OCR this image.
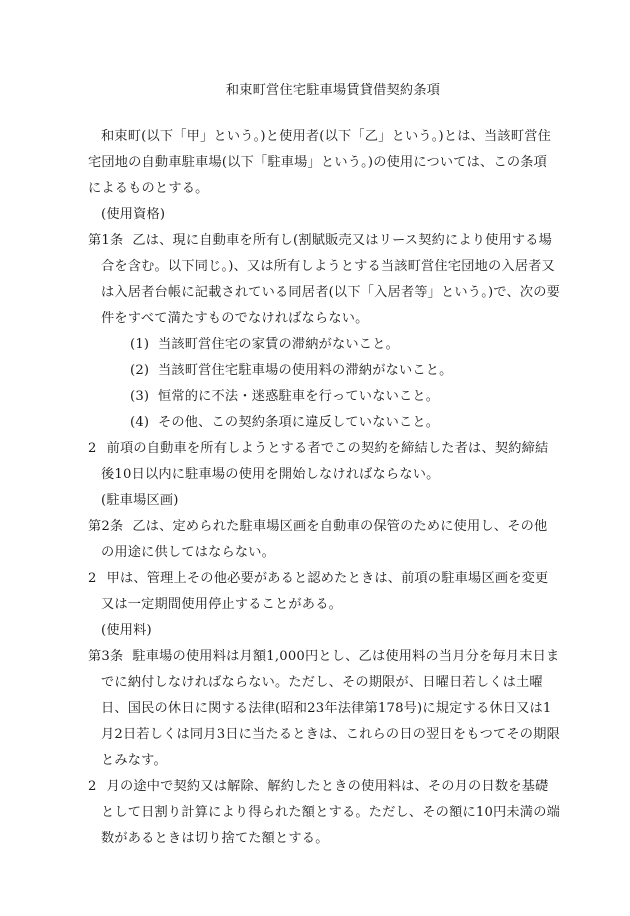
和束町営住宅駐車場賃貸借契約条項

和束町(以下「甲」という。)と使用者(以下「乙」という。)とは、当該町営住宅団地の自動車駐車場(以下「駐車場」という。)の使用については、この条項によるものとする。

(使用資格)

第1条 乙は、現に自動車を所有し(割賦販売又はリース契約により使用する場合を含む。以下同じ。)、又は所有しようとする当該町営住宅団地の入居者又は入居者台帳に記載されている同居者(以下「入居者等」という。)で、次の要件をすべて満たすものでなければならない。

(1) 当該町営住宅の家賃の滞納がないこと。

(2) 当該町営住宅駐車場の使用料の滞納がないこと。

(3) 恒常的に不法・迷惑駐車を行っていないこと。

(4) その他、この契約条項に違反していないこと。

2 前項の自動車を所有しようとする者でこの契約を締結した者は、契約締結後10日以内に駐車場の使用を開始しなければならない。

(駐車場区画)

第2条 乙は、定められた駐車場区画を自動車の保管のために使用し、その他の用途に供してはならない。

2 甲は、管理上その他必要があると認めたときは、前項の駐車場区画を変更又は一定期間使用停止することがある。

(使用料)

第3条 駐車場の使用料は月額1,000円とし、乙は使用料の当月分を毎月末日までに納付しなければならない。ただし、その期限が、日曜日若しくは土曜日、国民の休日に関する法律(昭和23年法律第178号)に規定する休日又は1月2日若しくは同月3日に当たるときは、これらの日の翌日をもつてその期限とみなす。

2 月の途中で契約又は解除、解約したときの使用料は、その月の日数を基礎として日割り計算により得られた額とする。ただし、その額に10円未満の端数があるときは切り捨てた額とする。
